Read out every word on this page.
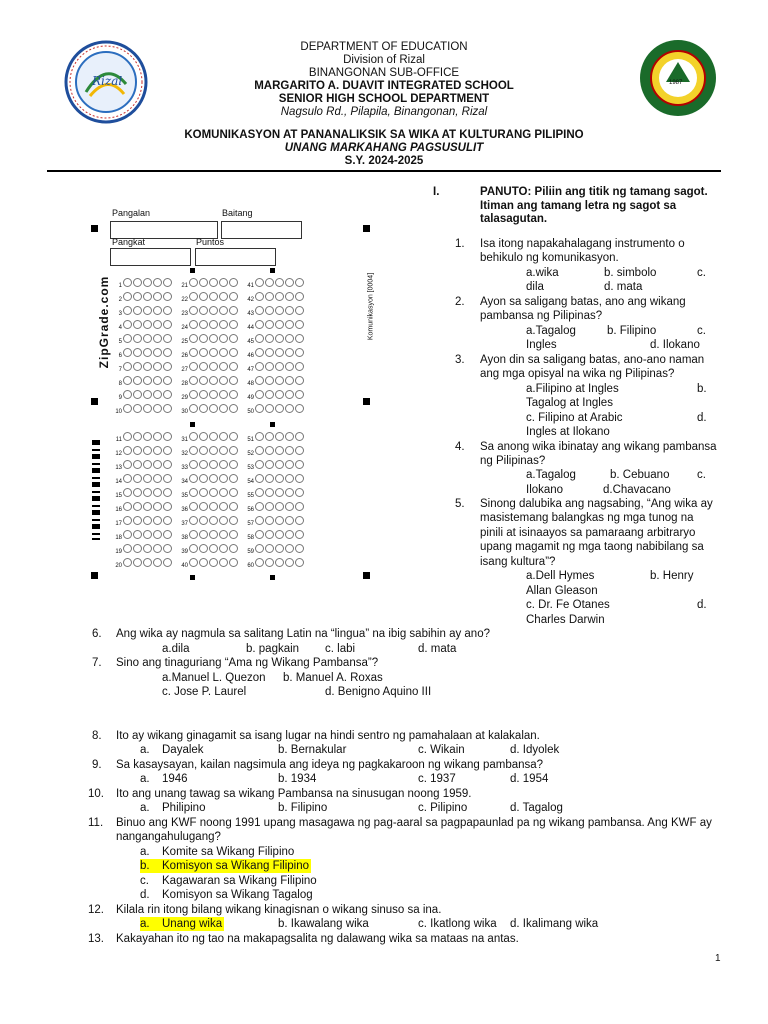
Rizal	1987
DEPARTMENT OF EDUCATION
Division of Rizal
BINANGONAN SUB-OFFICE
MARGARITO A. DUAVIT INTEGRATED SCHOOL
SENIOR HIGH SCHOOL DEPARTMENT
Nagsulo Rd., Pilapila, Binangonan, Rizal
KOMUNIKASYON AT PANANALIKSIK SA WIKA AT KULTURANG PILIPINO
UNANG MARKAHANG PAGSUSULIT
S.Y. 2024-2025
Pangalan	Baitang
Pangkat	Puntos
ZipGrade.com	Komunikasyon [0004]
1	21	41
2	22	42
3	23	43
4	24	44
5	25	45
6	26	46
7	27	47
8	28	48
9	29	49
10	30	50
11	31	51
12	32	52
13	33	53
14	34	54
15	35	55
16	36	56
17	37	57
18	38	58
19	39	59
20	40	60
I.	PANUTO: Piliin ang titik ng tamang sagot. Itiman ang tamang letra ng sagot sa talasagutan.
1. Isa itong napakahalagang instrumento o
behikulo ng komunikasyon.
a.wika	b. simbolo	c.
dila	d. mata
2. Ayon sa saligang batas, ano ang wikang
pambansa ng Pilipinas?
a.Tagalog	b. Filipino	c.
Ingles	d. Ilokano
3. Ayon din sa saligang batas, ano-ano naman
ang mga opisyal na wika ng Pilipinas?
a.Filipino at Ingles	b.
Tagalog at Ingles
c. Filipino at Arabic	d.
Ingles at Ilokano
4. Sa anong wika ibinatay ang wikang pambansa
ng Pilipinas?
a.Tagalog	b. Cebuano c.
Ilokano	d.Chavacano
5. Sinong dalubika ang nagsabing, “Ang wika ay
masistemang balangkas ng mga tunog na
pinili at isinaayos sa pamaraang arbitraryo
upang magamit ng mga taong nabibilang sa
isang kultura”?
a.Dell Hymes	b. Henry
Allan Gleason
c. Dr. Fe Otanes	d.
Charles Darwin
6. Ang wika ay nagmula sa salitang Latin na “lingua” na ibig sabihin ay ano?
a.dila	b. pagkain c. labi	d. mata
7. Sino ang tinaguriang “Ama ng Wikang Pambansa”?
a.Manuel L. Quezon b. Manuel A. Roxas
c. Jose P. Laurel	d. Benigno Aquino III
8. Ito ay wikang ginagamit sa isang lugar na hindi sentro ng pamahalaan at kalakalan.
a. Dayalek	b. Bernakular	c. Wikain	d. Idyolek
9. Sa kasaysayan, kailan nagsimula ang ideya ng pagkakaroon ng wikang pambansa?
a. 1946	b. 1934	c. 1937	d. 1954
10. Ito ang unang tawag sa wikang Pambansa na sinusugan noong 1959.
a. Philipino	b. Filipino	c. Pilipino	d. Tagalog
11. Binuo ang KWF noong 1991 upang masagawa ng pag-aaral sa pagpapaunlad pa ng wikang pambansa. Ang KWF ay
nangangahulugang?
a. Komite sa Wikang Filipino
b. Komisyon sa Wikang Filipino
c. Kagawaran sa Wikang Filipino
d. Komisyon sa Wikang Tagalog
12. Kilala rin itong bilang wikang kinagisnan o wikang sinuso sa ina.
a. Unang wika	b. Ikawalang wika	c. Ikatlong wika d. Ikalimang wika
13. Kakayahan ito ng tao na makapagsalita ng dalawang wika sa mataas na antas.
1
